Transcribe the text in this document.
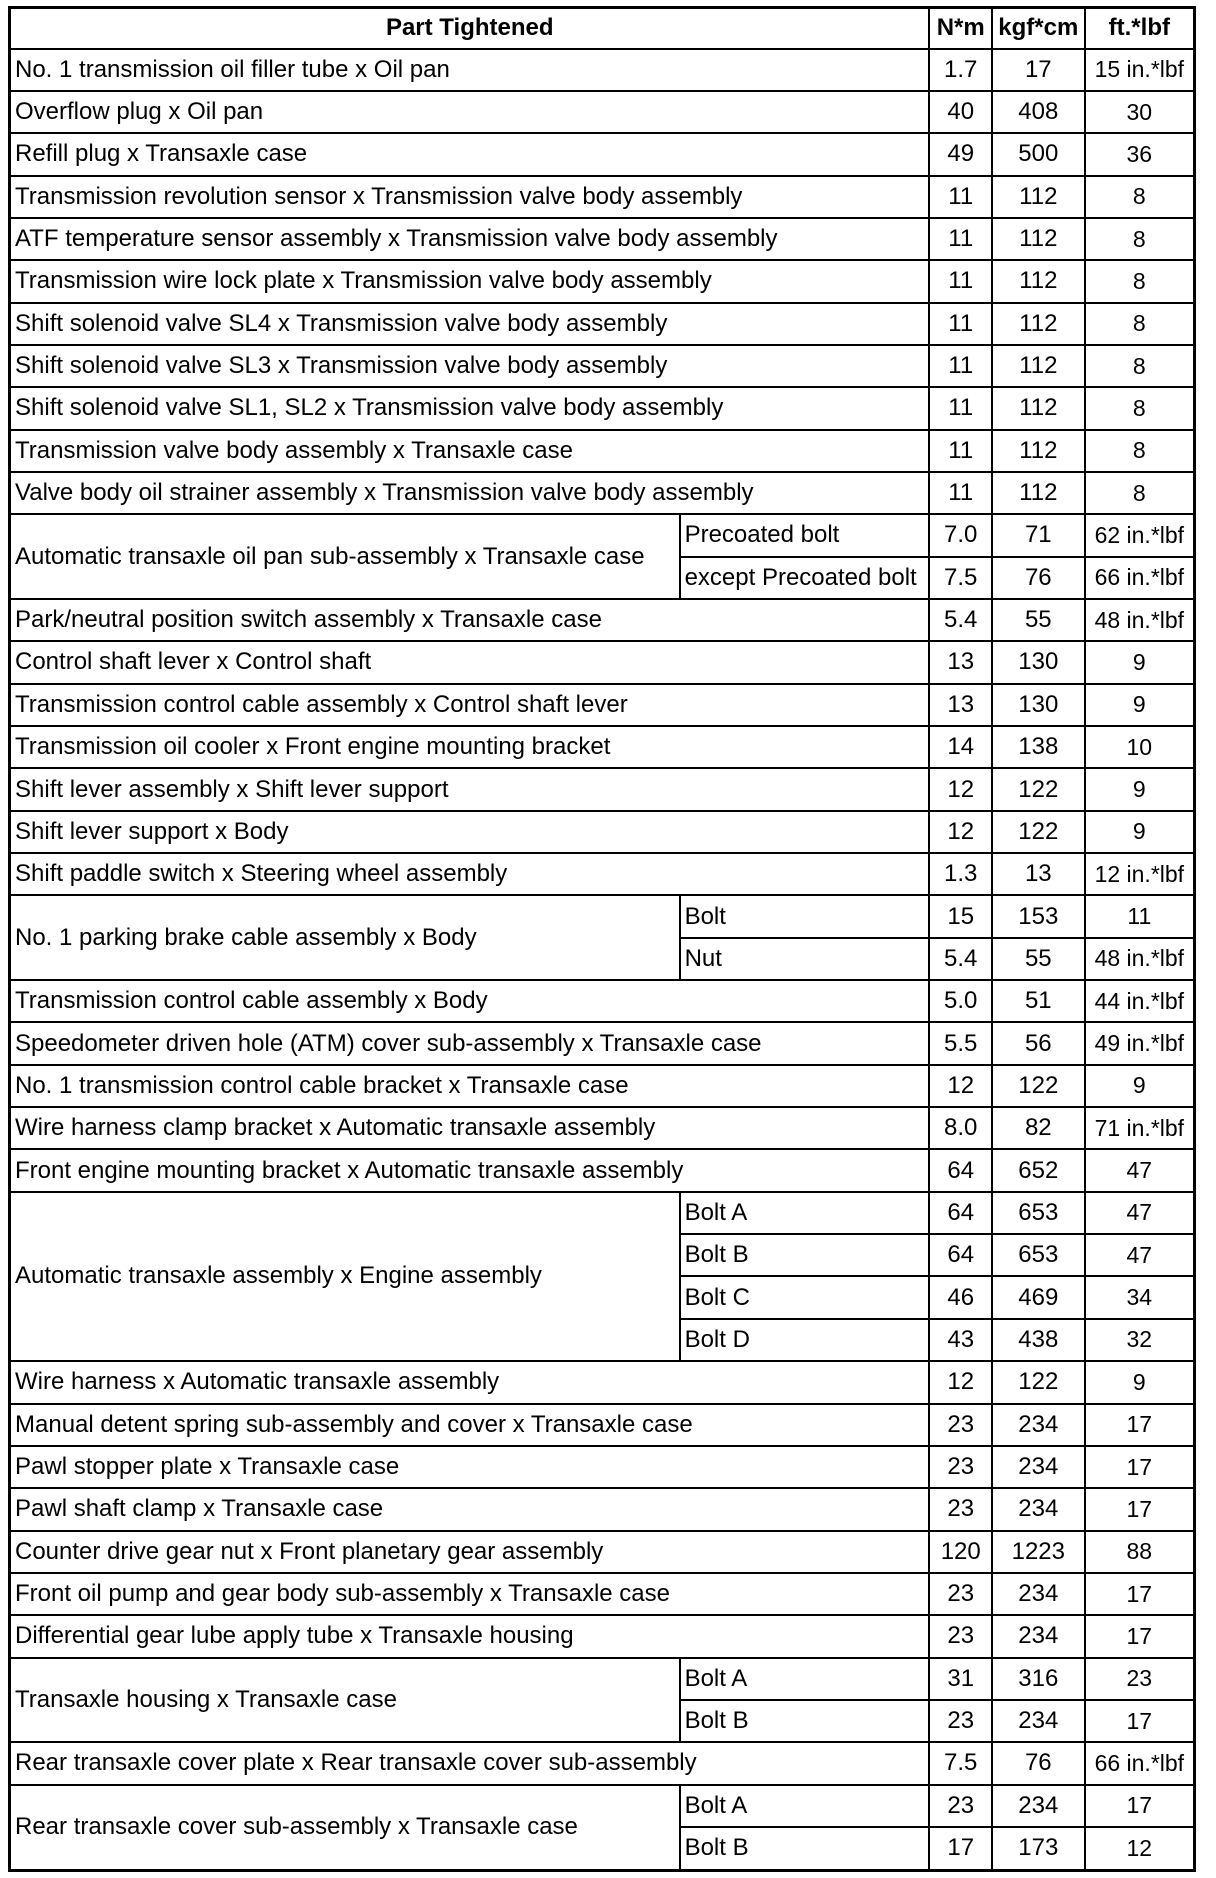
Part Tightened		N*m	kgf*cm	ft.*lbf
No. 1 transmission oil filler tube x Oil pan		1.7	17	15 in.*lbf
Overflow plug x Oil pan		40	408	30
Refill plug x Transaxle case		49	500	36
Transmission revolution sensor x Transmission valve body assembly		11	112	8
ATF temperature sensor assembly x Transmission valve body assembly		11	112	8
Transmission wire lock plate x Transmission valve body assembly		11	112	8
Shift solenoid valve SL4 x Transmission valve body assembly		11	112	8
Shift solenoid valve SL3 x Transmission valve body assembly		11	112	8
Shift solenoid valve SL1, SL2 x Transmission valve body assembly		11	112	8
Transmission valve body assembly x Transaxle case		11	112	8
Valve body oil strainer assembly x Transmission valve body assembly		11	112	8
Automatic transaxle oil pan sub-assembly x Transaxle case	Precoated bolt	7.0	71	62 in.*lbf
	except Precoated bolt	7.5	76	66 in.*lbf
Park/neutral position switch assembly x Transaxle case		5.4	55	48 in.*lbf
Control shaft lever x Control shaft		13	130	9
Transmission control cable assembly x Control shaft lever		13	130	9
Transmission oil cooler x Front engine mounting bracket		14	138	10
Shift lever assembly x Shift lever support		12	122	9
Shift lever support x Body		12	122	9
Shift paddle switch x Steering wheel assembly		1.3	13	12 in.*lbf
No. 1 parking brake cable assembly x Body	Bolt	15	153	11
	Nut	5.4	55	48 in.*lbf
Transmission control cable assembly x Body		5.0	51	44 in.*lbf
Speedometer driven hole (ATM) cover sub-assembly x Transaxle case		5.5	56	49 in.*lbf
No. 1 transmission control cable bracket x Transaxle case		12	122	9
Wire harness clamp bracket x Automatic transaxle assembly		8.0	82	71 in.*lbf
Front engine mounting bracket x Automatic transaxle assembly		64	652	47
Automatic transaxle assembly x Engine assembly	Bolt A	64	653	47
	Bolt B	64	653	47
	Bolt C	46	469	34
	Bolt D	43	438	32
Wire harness x Automatic transaxle assembly		12	122	9
Manual detent spring sub-assembly and cover x Transaxle case		23	234	17
Pawl stopper plate x Transaxle case		23	234	17
Pawl shaft clamp x Transaxle case		23	234	17
Counter drive gear nut x Front planetary gear assembly		120	1223	88
Front oil pump and gear body sub-assembly x Transaxle case		23	234	17
Differential gear lube apply tube x Transaxle housing		23	234	17
Transaxle housing x Transaxle case	Bolt A	31	316	23
	Bolt B	23	234	17
Rear transaxle cover plate x Rear transaxle cover sub-assembly		7.5	76	66 in.*lbf
Rear transaxle cover sub-assembly x Transaxle case	Bolt A	23	234	17
	Bolt B	17	173	12
